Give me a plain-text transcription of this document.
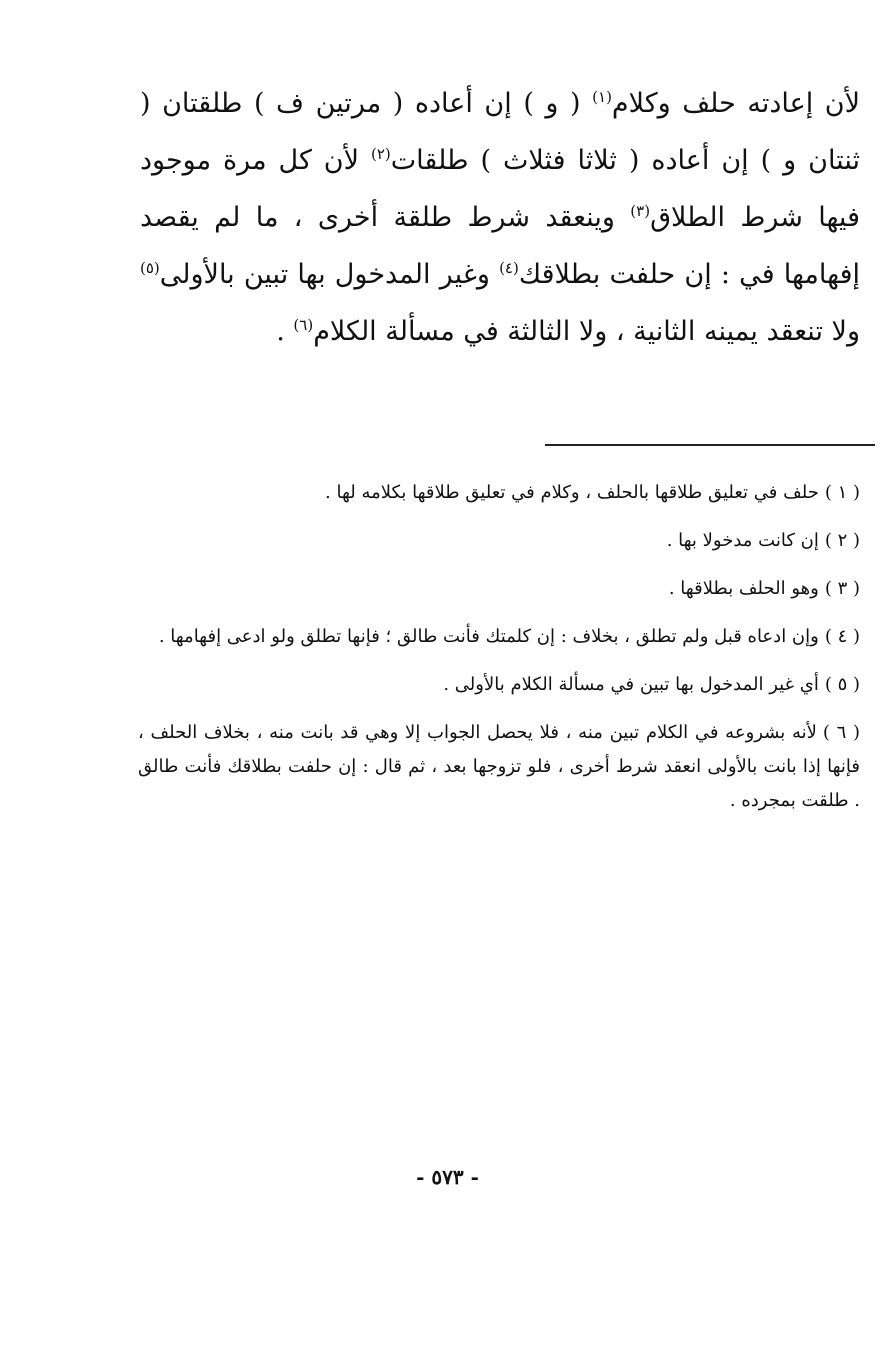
لأن إعادته حلف وكلام$^{(١)}$ ( و ) إن أعاده ( مرتين ف ) طلقتان ( ثنتان و ) إن أعاده ( ثلاثا فثلاث ) طلقات$^{(٢)}$ لأن كل مرة موجود فيها شرط الطلاق$^{(٣)}$ وينعقد شرط طلقة أخرى ، ما لم يقصد إفهامها في : إن حلفت بطلاقك$^{(٤)}$ وغير المدخول بها تبين بالأولى$^{(٥)}$ ولا تنعقد يمينه الثانية ، ولا الثالثة في مسألة الكلام$^{(٦)}$ .

( ١ )حلف في تعليق طلاقها بالحلف ، وكلام في تعليق طلاقها بكلامه لها .

( ٢ )إن كانت مدخولا بها .

( ٣ )وهو الحلف بطلاقها .

( ٤ )وإن ادعاه قبل ولم تطلق ، بخلاف : إن كلمتك فأنت طالق ؛ فإنها تطلق ولو ادعى إفهامها .

( ٥ )أي غير المدخول بها تبين في مسألة الكلام بالأولى .

( ٦ )لأنه بشروعه في الكلام تبين منه ، فلا يحصل الجواب إلا وهي قد بانت منه ، بخلاف الحلف ، فإنها إذا بانت بالأولى انعقد شرط أخرى ، فلو تزوجها بعد ، ثم قال : إن حلفت بطلاقك فأنت طالق . طلقت بمجرده .

- ٥٧٣ -
